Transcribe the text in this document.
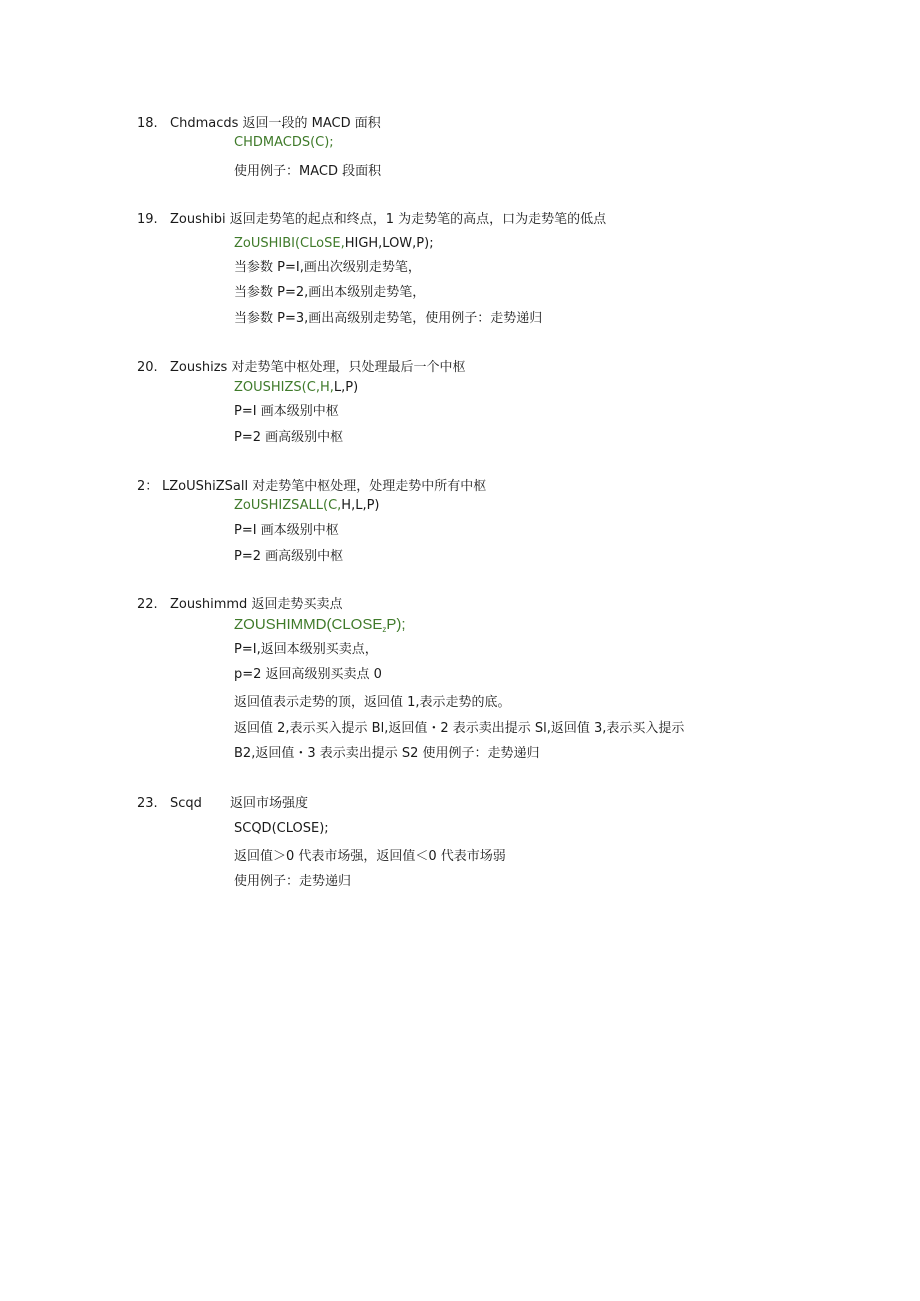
18. Chdmacds 返回一段的 MACD 面积
CHDMACDS(C);
使用例子：MACD 段面积
19. Zoushibi 返回走势笔的起点和终点，1 为走势笔的高点，口为走势笔的低点
ZoUSHIBI(CLoSE,HIGH,LOW,P);
当参数 P=I,画出次级别走势笔，
当参数 P=2,画出本级别走势笔，
当参数 P=3,画出高级别走势笔，使用例子：走势递归
20. Zoushizs 对走势笔中枢处理，只处理最后一个中枢
ZOUSHIZS(C,H,L,P)
P=I 画本级别中枢
P=2 画高级别中枢
2： LZoUShiZSall 对走势笔中枢处理，处理走势中所有中枢
ZoUSHIZSALL(C,H,L,P)
P=I 画本级别中枢
P=2 画高级别中枢
22. Zoushimmd 返回走势买卖点
$ZOUSHIMMD(CLOSE_zP)$;
P=I,返回本级别买卖点，
p=2 返回高级别买卖点 0
返回值表示走势的顶，返回值 1,表示走势的底。
返回值 2,表示买入提示 Bl,返回值・2 表示卖出提示 Sl,返回值 3,表示买入提示
B2,返回值・3 表示卖出提示 S2 使用例子：走势递归
23. Scqd 返回市场强度
SCQD(CLOSE);
返回值＞0 代表市场强，返回值＜0 代表市场弱
使用例子：走势递归
